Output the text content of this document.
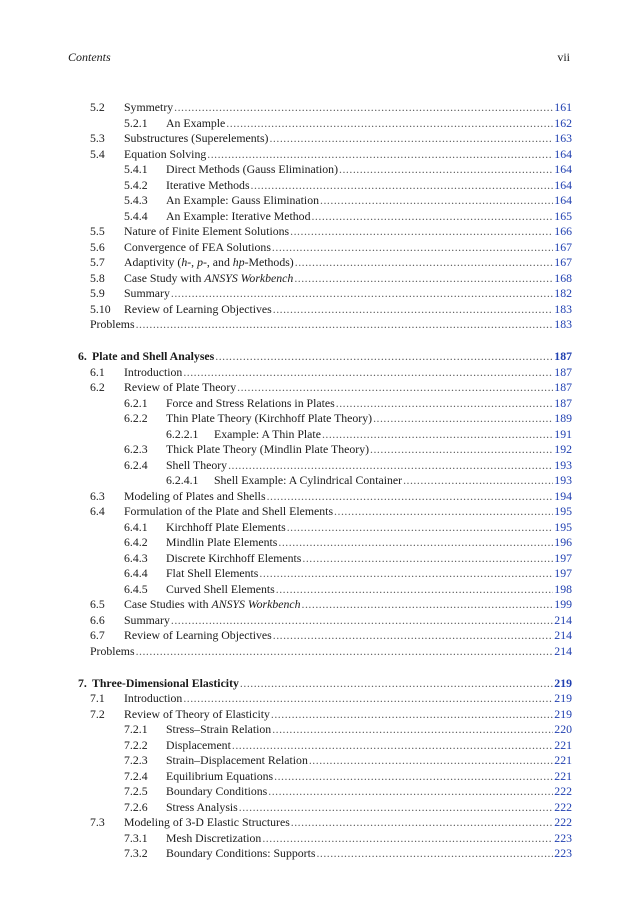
Contents	vii
5.2	Symmetry .....	161
5.2.1	An Example .....	162
5.3	Substructures (Superelements) .....	163
5.4	Equation Solving .....	164
5.4.1	Direct Methods (Gauss Elimination) .....	164
5.4.2	Iterative Methods .....	164
5.4.3	An Example: Gauss Elimination .....	164
5.4.4	An Example: Iterative Method .....	165
5.5	Nature of Finite Element Solutions .....	166
5.6	Convergence of FEA Solutions .....	167
5.7	Adaptivity (h-, p-, and hp-Methods) .....	167
5.8	Case Study with ANSYS Workbench .....	168
5.9	Summary .....	182
5.10	Review of Learning Objectives .....	183
Problems .....	183
6. Plate and Shell Analyses .....	187
6.1	Introduction .....	187
6.2	Review of Plate Theory .....	187
6.2.1	Force and Stress Relations in Plates .....	187
6.2.2	Thin Plate Theory (Kirchhoff Plate Theory) .....	189
6.2.2.1	Example: A Thin Plate .....	191
6.2.3	Thick Plate Theory (Mindlin Plate Theory) .....	192
6.2.4	Shell Theory .....	193
6.2.4.1	Shell Example: A Cylindrical Container .....	193
6.3	Modeling of Plates and Shells .....	194
6.4	Formulation of the Plate and Shell Elements .....	195
6.4.1	Kirchhoff Plate Elements .....	195
6.4.2	Mindlin Plate Elements .....	196
6.4.3	Discrete Kirchhoff Elements .....	197
6.4.4	Flat Shell Elements .....	197
6.4.5	Curved Shell Elements .....	198
6.5	Case Studies with ANSYS Workbench .....	199
6.6	Summary .....	214
6.7	Review of Learning Objectives .....	214
Problems .....	214
7. Three-Dimensional Elasticity .....	219
7.1	Introduction .....	219
7.2	Review of Theory of Elasticity .....	219
7.2.1	Stress–Strain Relation .....	220
7.2.2	Displacement .....	221
7.2.3	Strain–Displacement Relation .....	221
7.2.4	Equilibrium Equations .....	221
7.2.5	Boundary Conditions .....	222
7.2.6	Stress Analysis .....	222
7.3	Modeling of 3-D Elastic Structures .....	222
7.3.1	Mesh Discretization .....	223
7.3.2	Boundary Conditions: Supports .....	223
